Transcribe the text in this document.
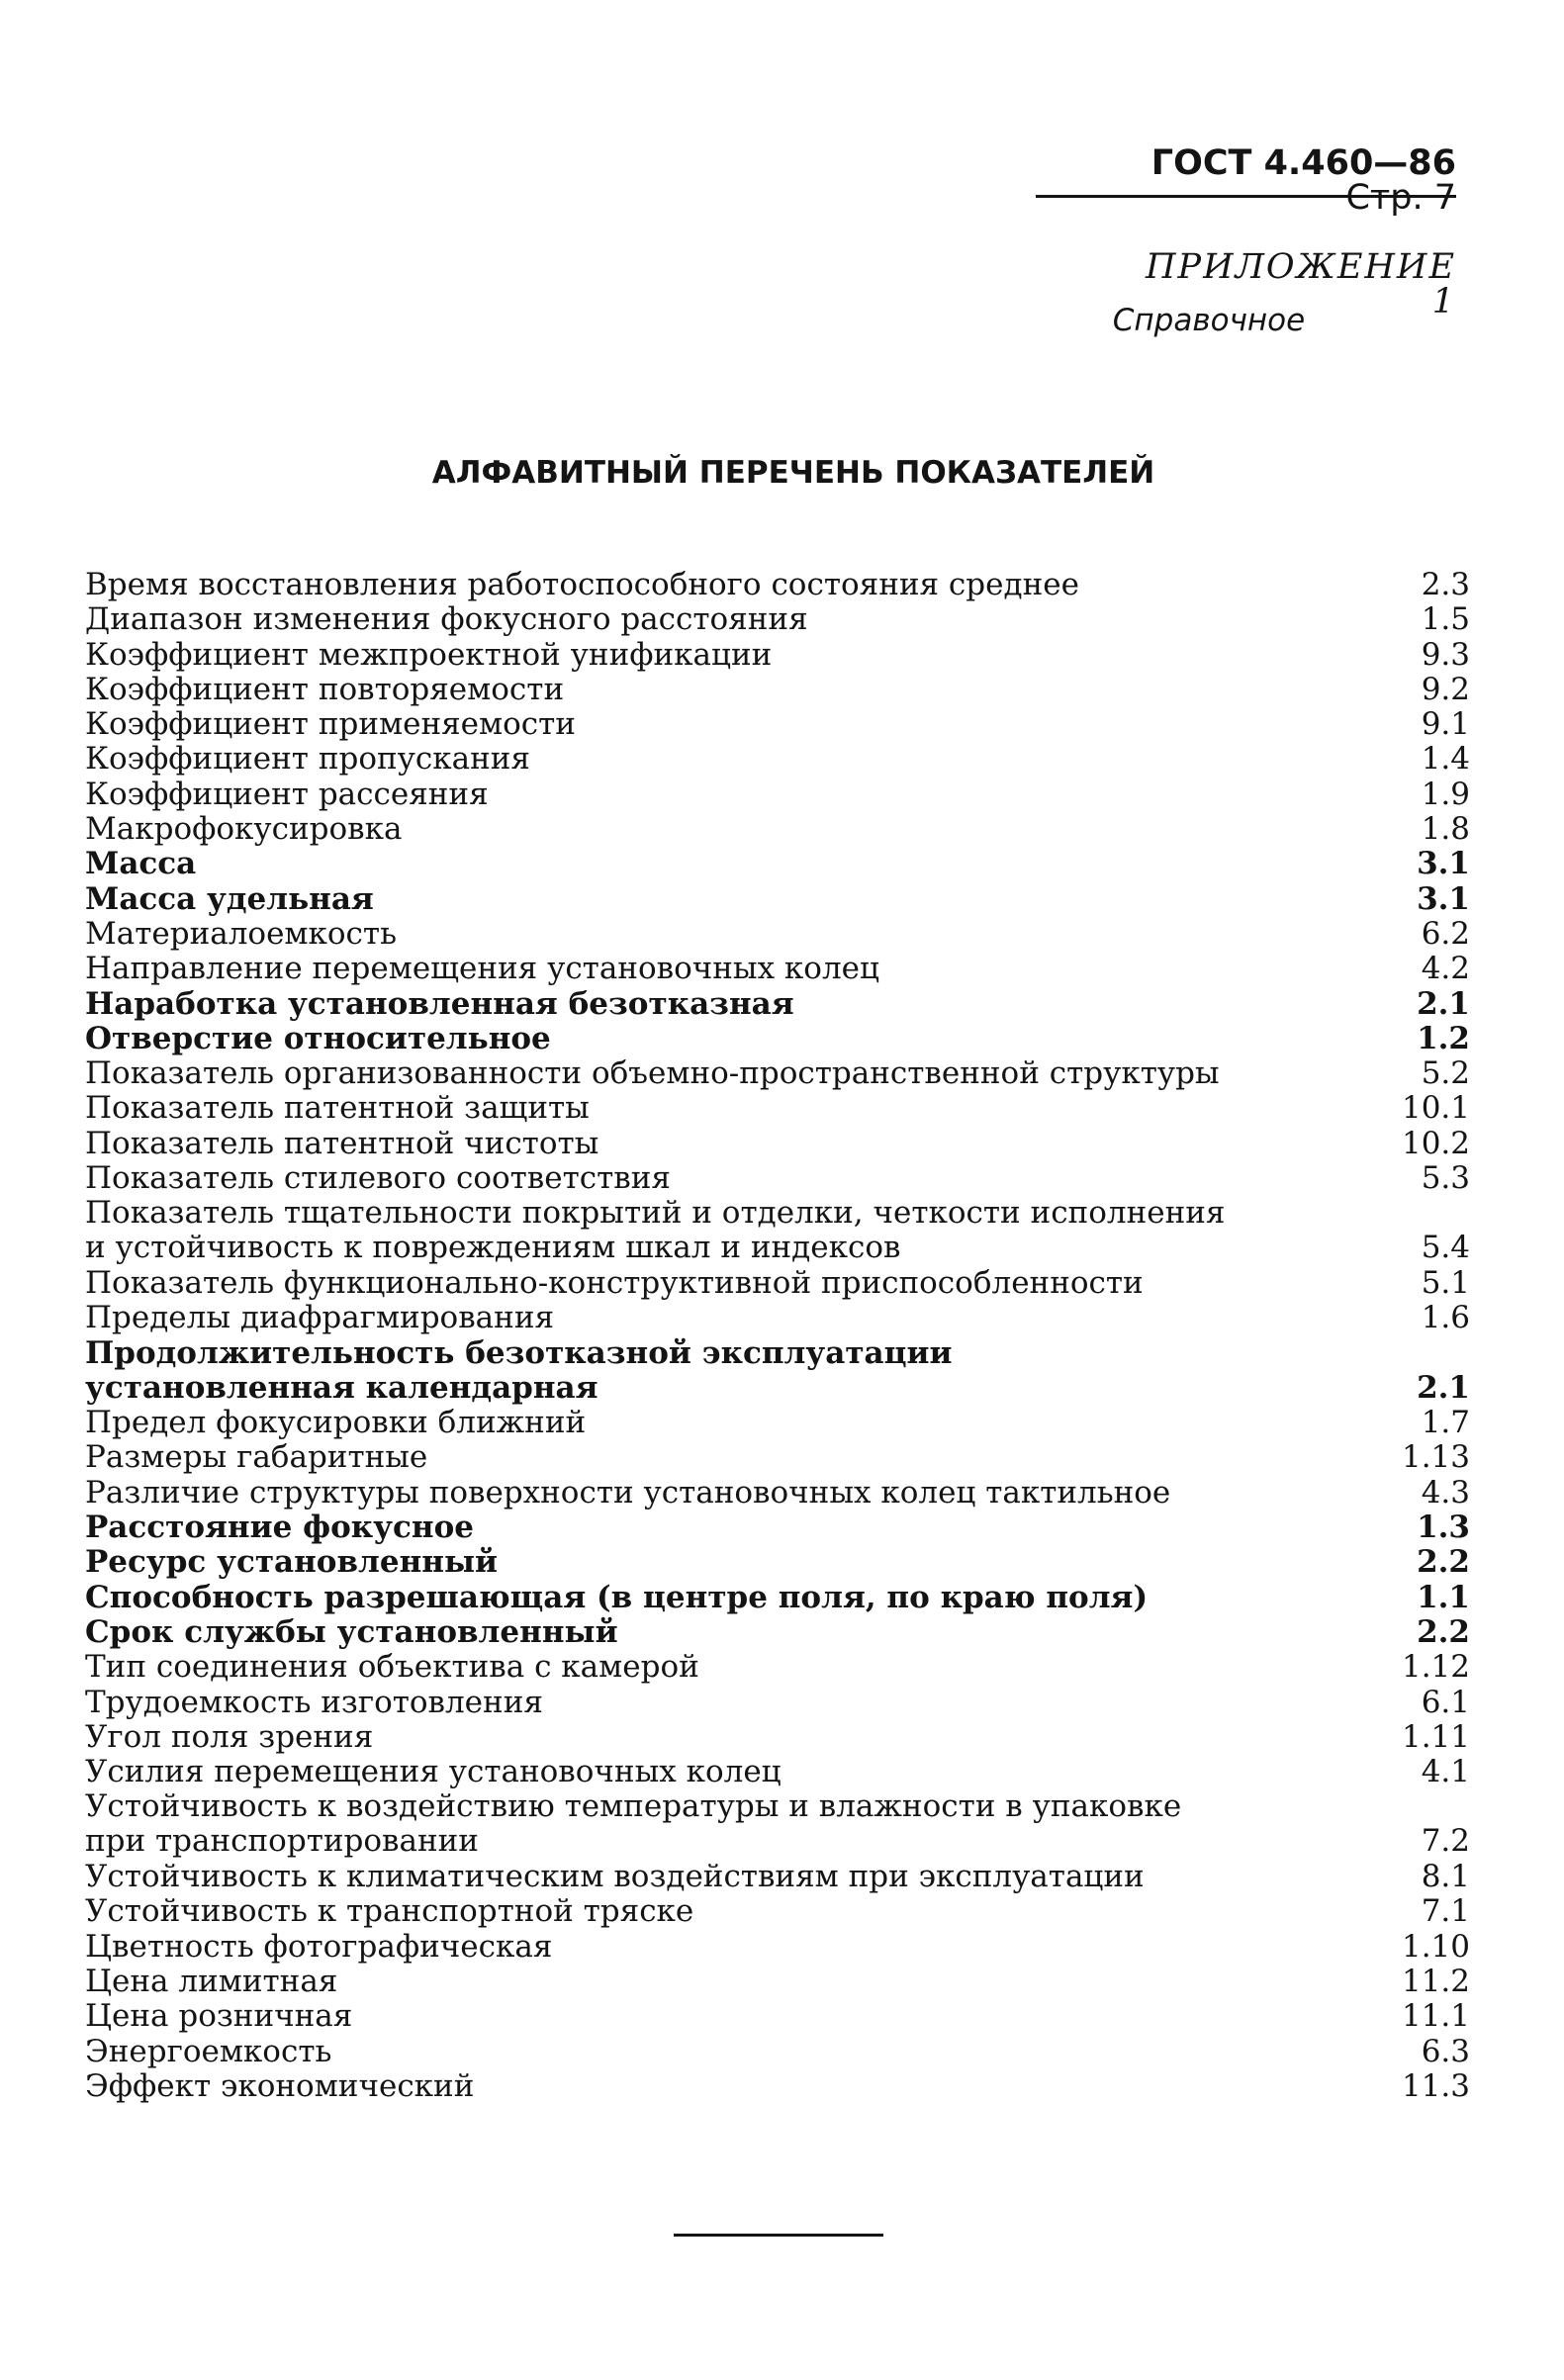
ГОСТ 4.460—86 Стр. 7
ПРИЛОЖЕНИЕ 1
Справочное
АЛФАВИТНЫЙ ПЕРЕЧЕНЬ ПОКАЗАТЕЛЕЙ
Время восстановления работоспособного состояния среднее	2.3
Диапазон изменения фокусного расстояния	1.5
Коэффициент межпроектной унификации	9.3
Коэффициент повторяемости	9.2
Коэффициент применяемости	9.1
Коэффициент пропускания	1.4
Коэффициент рассеяния	1.9
Макрофокусировка	1.8
Масса	3.1
Масса удельная	3.1
Материалоемкость	6.2
Направление перемещения установочных колец	4.2
Наработка установленная безотказная	2.1
Отверстие относительное	1.2
Показатель организованности объемно-пространственной структуры	5.2
Показатель патентной защиты	10.1
Показатель патентной чистоты	10.2
Показатель стилевого соответствия	5.3
Показатель тщательности покрытий и отделки, четкости исполнения
и устойчивость к повреждениям шкал и индексов	5.4
Показатель функционально-конструктивной приспособленности	5.1
Пределы диафрагмирования	1.6
Продолжительность безотказной эксплуатации
установленная календарная	2.1
Предел фокусировки ближний	1.7
Размеры габаритные	1.13
Различие структуры поверхности установочных колец тактильное	4.3
Расстояние фокусное	1.3
Ресурс установленный	2.2
Способность разрешающая (в центре поля, по краю поля)	1.1
Срок службы установленный	2.2
Тип соединения объектива с камерой	1.12
Трудоемкость изготовления	6.1
Угол поля зрения	1.11
Усилия перемещения установочных колец	4.1
Устойчивость к воздействию температуры и влажности в упаковке
при транспортировании	7.2
Устойчивость к климатическим воздействиям при эксплуатации	8.1
Устойчивость к транспортной тряске	7.1
Цветность фотографическая	1.10
Цена лимитная	11.2
Цена розничная	11.1
Энергоемкость	6.3
Эффект экономический	11.3
